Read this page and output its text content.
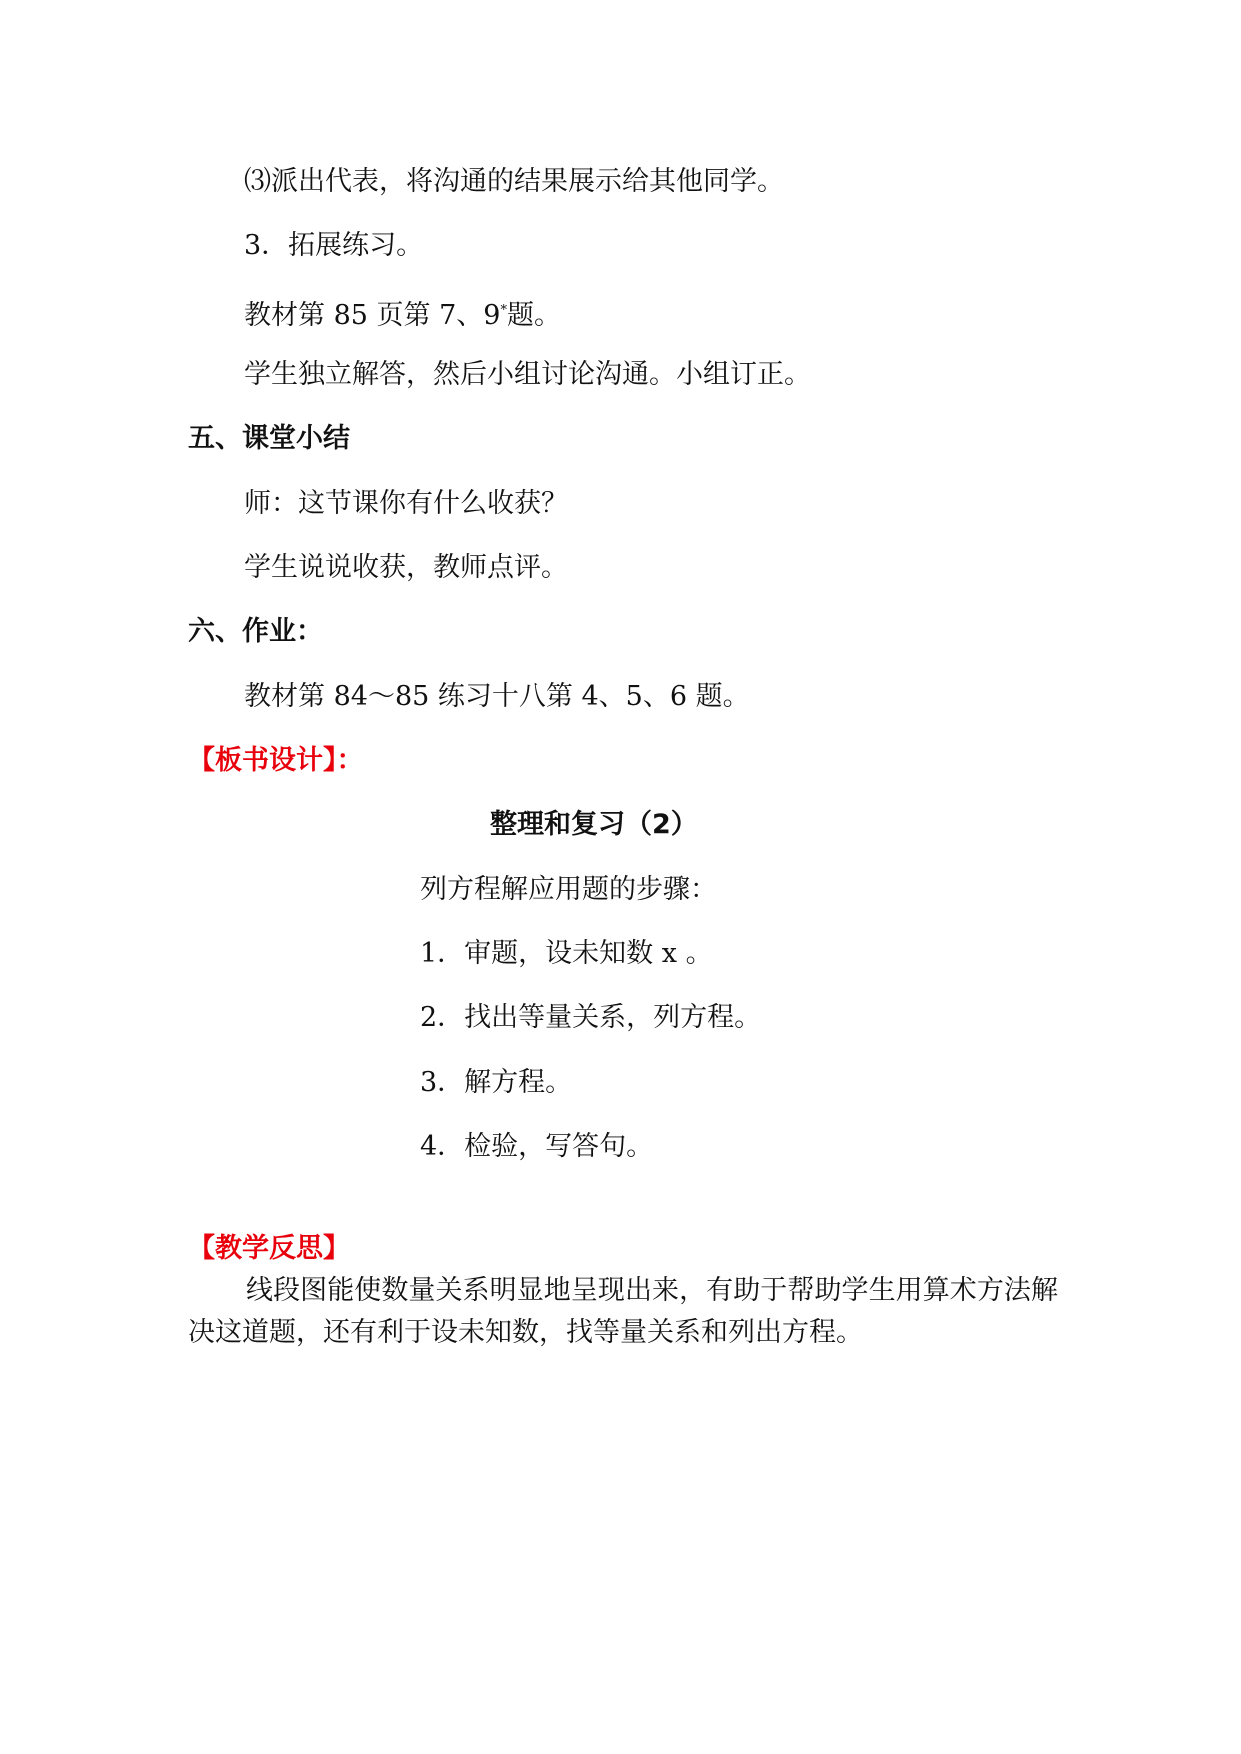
⑶派出代表，将沟通的结果展示给其他同学。
3．拓展练习。
教材第 85 页第 7、9*题。
学生独立解答，然后小组讨论沟通。小组订正。
五、课堂小结
师：这节课你有什么收获？
学生说说收获，教师点评。
六、作业：
教材第 84～85 练习十八第 4、5、6 题。
【板书设计】：
整理和复习（2）
列方程解应用题的步骤：
1．审题，设未知数 x 。
2．找出等量关系，列方程。
3．解方程。
4．检验，写答句。
【教学反思】
线段图能使数量关系明显地呈现出来，有助于帮助学生用算术方法解决这道题，还有利于设未知数，找等量关系和列出方程。
